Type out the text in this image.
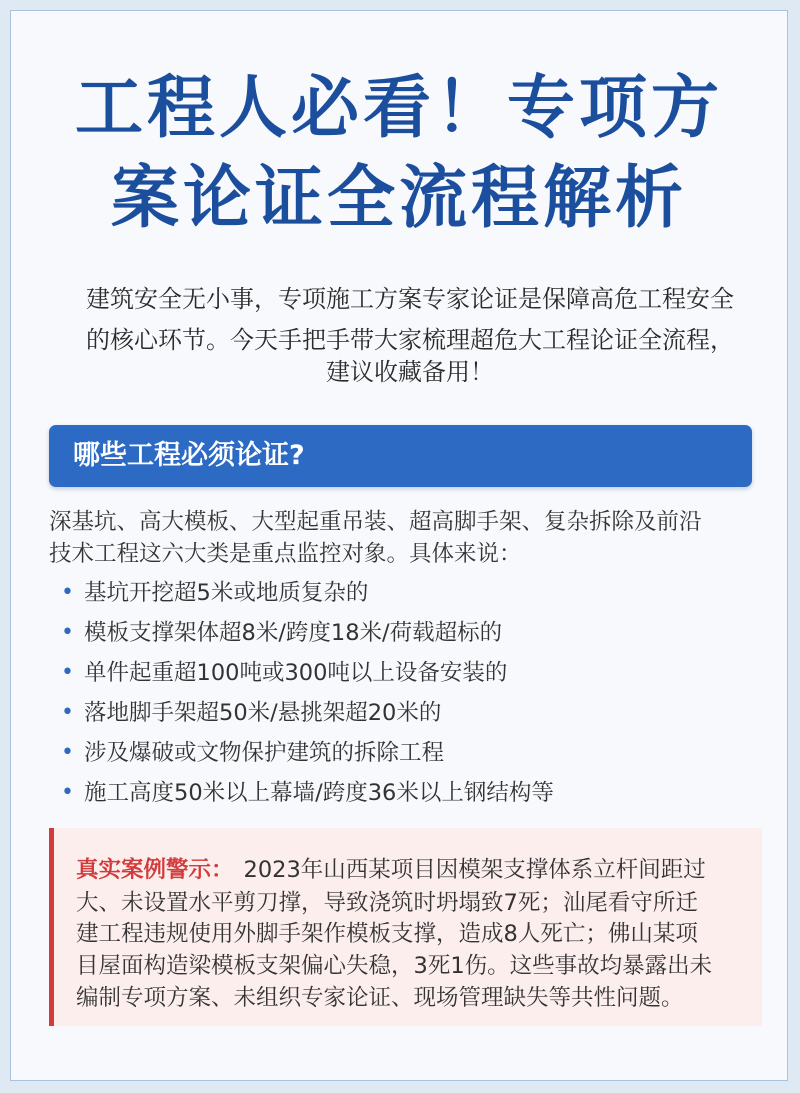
工程人必看！专项方
案论证全流程解析
建筑安全无小事，专项施工方案专家论证是保障高危工程安全
的核心环节。今天手把手带大家梳理超危大工程论证全流程，
建议收藏备用！
哪些工程必须论证?
深基坑、高大模板、大型起重吊装、超高脚手架、复杂拆除及前沿
技术工程这六大类是重点监控对象。具体来说：
• 基坑开挖超5米或地质复杂的
• 模板支撑架体超8米/跨度18米/荷载超标的
• 单件起重超100吨或300吨以上设备安装的
• 落地脚手架超50米/悬挑架超20米的
• 涉及爆破或文物保护建筑的拆除工程
• 施工高度50米以上幕墙/跨度36米以上钢结构等
真实案例警示： 2023年山西某项目因模架支撑体系立杆间距过
大、未设置水平剪刀撑，导致浇筑时坍塌致7死；汕尾看守所迁
建工程违规使用外脚手架作模板支撑，造成8人死亡；佛山某项
目屋面构造梁模板支架偏心失稳，3死1伤。这些事故均暴露出未
编制专项方案、未组织专家论证、现场管理缺失等共性问题。
